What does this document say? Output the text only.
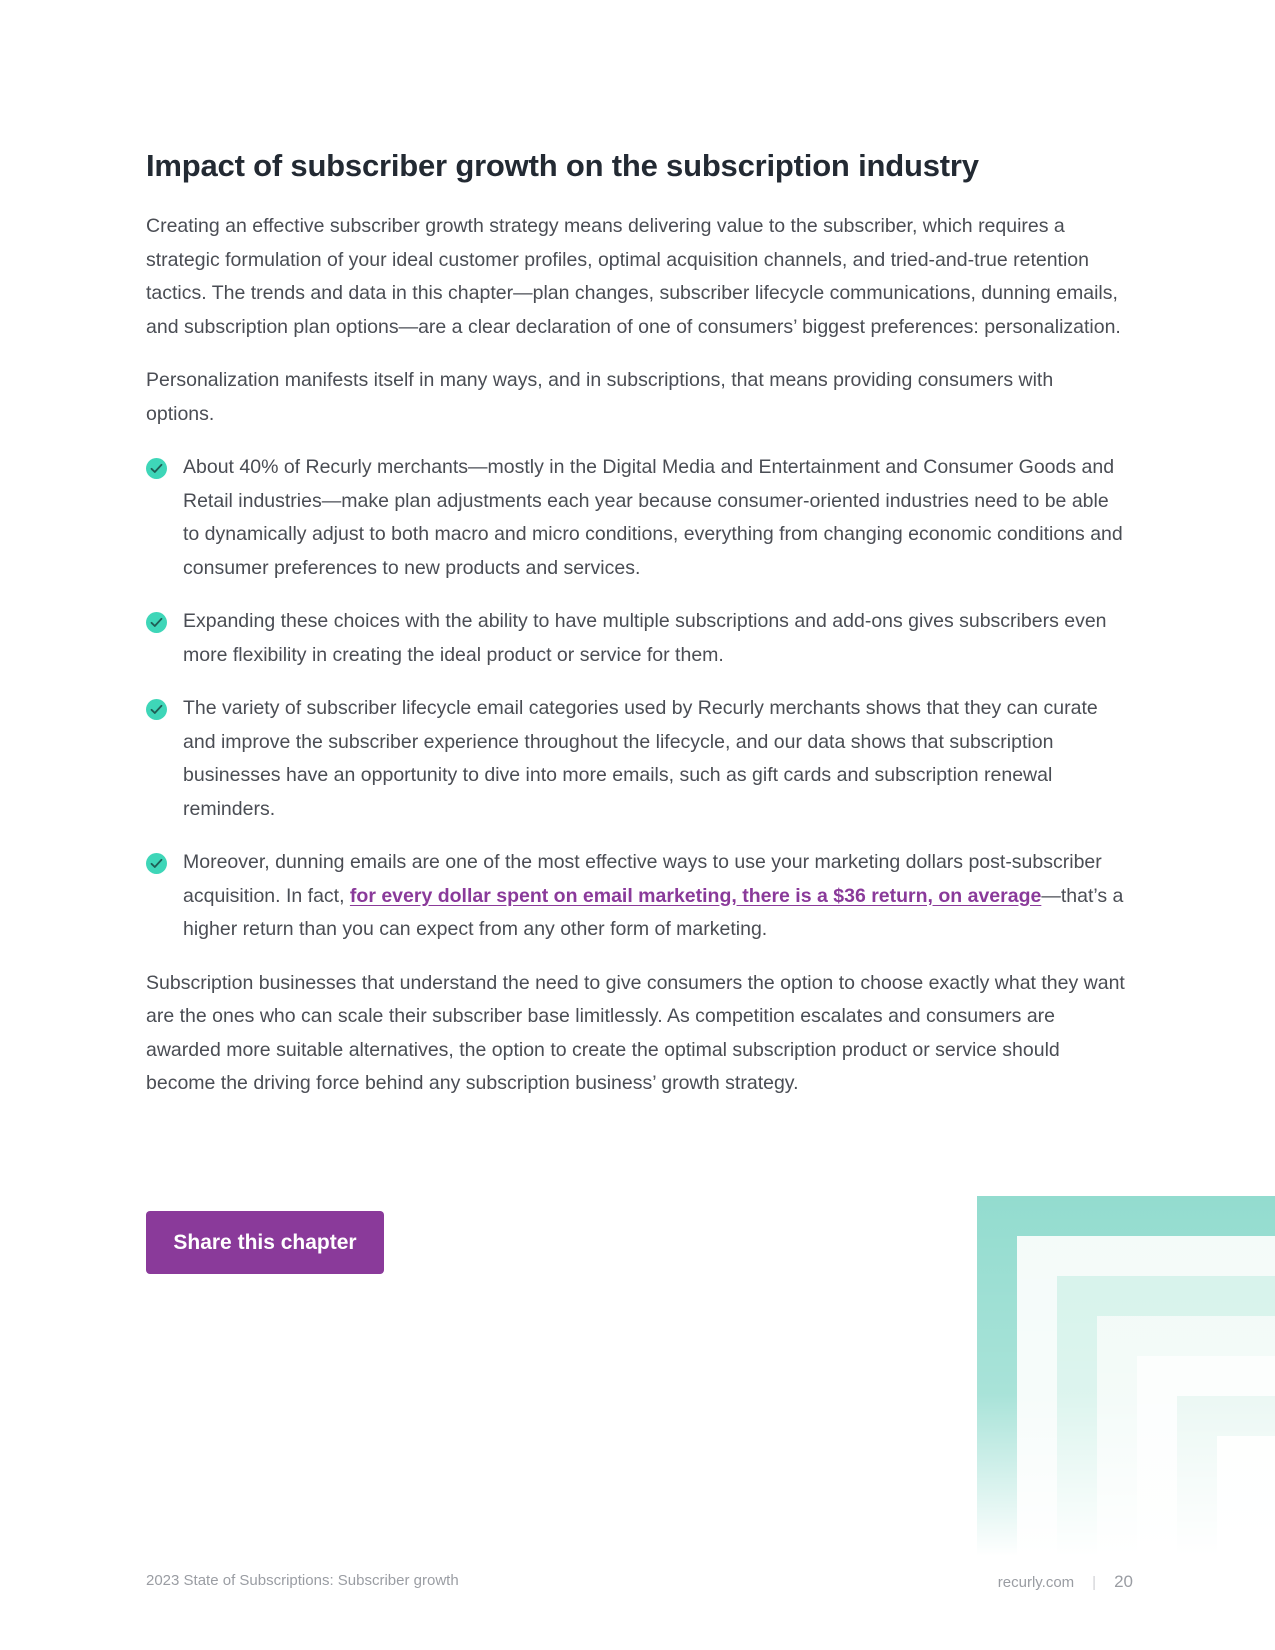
Impact of subscriber growth on the subscription industry

Creating an effective subscriber growth strategy means delivering value to the subscriber, which requires a strategic formulation of your ideal customer profiles, optimal acquisition channels, and tried-and-true retention tactics. The trends and data in this chapter—plan changes, subscriber lifecycle communications, dunning emails, and subscription plan options—are a clear declaration of one of consumers’ biggest preferences: personalization.

Personalization manifests itself in many ways, and in subscriptions, that means providing consumers with options.

About 40% of Recurly merchants—mostly in the Digital Media and Entertainment and Consumer Goods and Retail industries—make plan adjustments each year because consumer-oriented industries need to be able to dynamically adjust to both macro and micro conditions, everything from changing economic conditions and consumer preferences to new products and services.
Expanding these choices with the ability to have multiple subscriptions and add-ons gives subscribers even more flexibility in creating the ideal product or service for them.
The variety of subscriber lifecycle email categories used by Recurly merchants shows that they can curate and improve the subscriber experience throughout the lifecycle, and our data shows that subscription businesses have an opportunity to dive into more emails, such as gift cards and subscription renewal reminders.
Moreover, dunning emails are one of the most effective ways to use your marketing dollars post-subscriber acquisition. In fact, for every dollar spent on email marketing, there is a $36 return, on average—that’s a higher return than you can expect from any other form of marketing.

Subscription businesses that understand the need to give consumers the option to choose exactly what they want are the ones who can scale their subscriber base limitlessly. As competition escalates and consumers are awarded more suitable alternatives, the option to create the optimal subscription product or service should become the driving force behind any subscription business’ growth strategy.

Share this chapter
2023 State of Subscriptions: Subscriber growth	recurly.com | 20
